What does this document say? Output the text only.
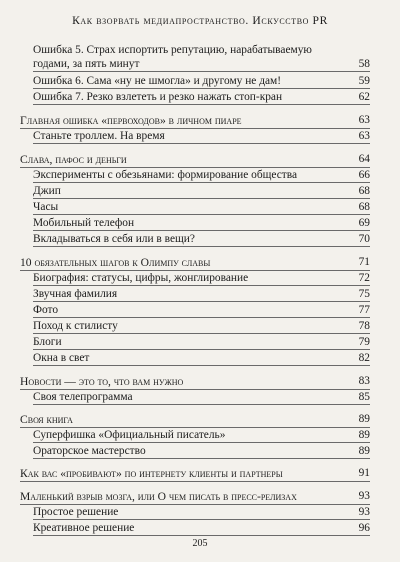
Как взорвать медиапространство. Искусство PR
Ошибка 5. Страх испортить репутацию, нарабатываемую
годами, за пять минут	58
Ошибка 6. Сама «ну не шмогла» и другому не дам!	59
Ошибка 7. Резко взлететь и резко нажать стоп-кран	62
Главная ошибка «первоходов» в личном пиаре	63
Станьте троллем. На время	63
Слава, пафос и деньги	64
Эксперименты с обезьянами: формирование общества	66
Джип	68
Часы	68
Мобильный телефон	69
Вкладываться в себя или в вещи?	70
10 обязательных шагов к Олимпу славы	71
Биография: статусы, цифры, жонглирование	72
Звучная фамилия	75
Фото	77
Поход к стилисту	78
Блоги	79
Окна в свет	82
Новости — это то, что вам нужно	83
Своя телепрограмма	85
Своя книга	89
Суперфишка «Официальный писатель»	89
Ораторское мастерство	89
Как вас «пробивают» по интернету клиенты и партнеры	91
Маленький взрыв мозга, или О чем писать в пресс-релизах	93
Простое решение	93
Креативное решение	96
205
